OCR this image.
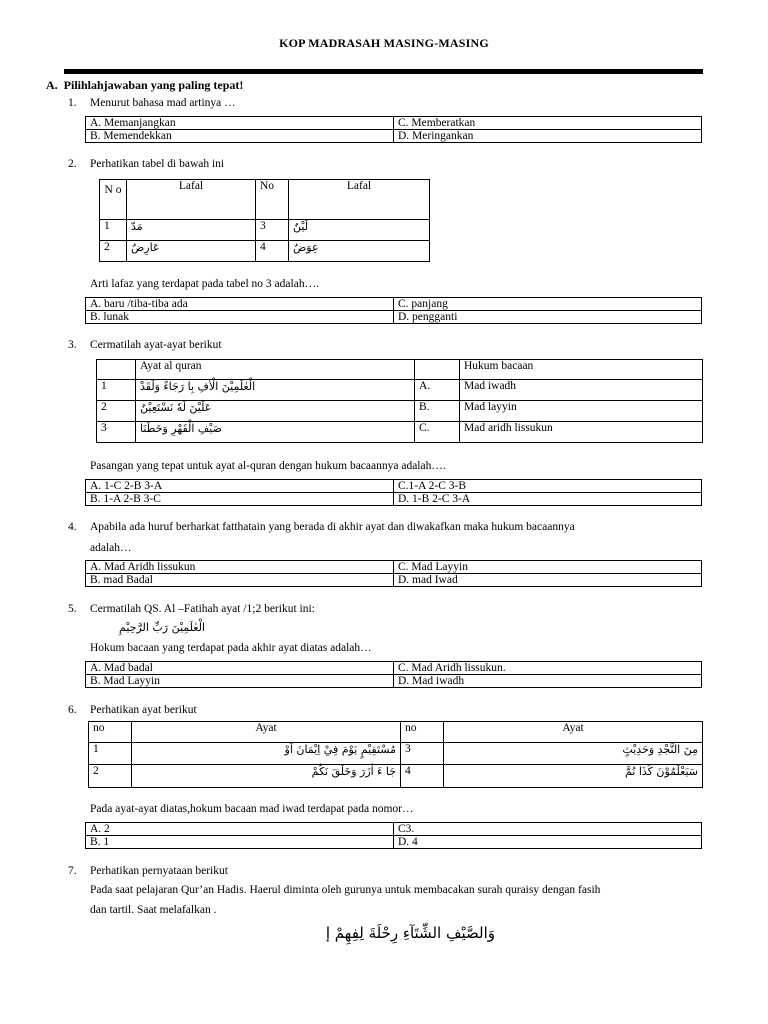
KOP MADRASAH MASING-MASING
A. Pilihlahjawaban yang paling tepat!
1. Menurut bahasa mad artinya …
A. Memanjangkan	C. Memberatkan
B. Memendekkan	D. Meringankan
2. Perhatikan tabel di bawah ini
N o	Lafal	No	Lafal
1	مَدّ	3	لَيْنٌ
2	عَارِضٌ	4	عِوَضٌ
Arti lafaz yang terdapat pada tabel no 3 adalah….
A. baru /tiba-tiba ada	C. panjang
B. lunak	D. pengganti
3. Cermatilah ayat-ayat berikut
	Ayat al quran		Hukum bacaan
1	الْعٰلَمِيْنَ الْاٰفِ بِا رَجَاءً وَلَقَدْ	A.	Mad iwadh
2	عَلَيْنَ لَهٗ نَسْتَعِيْنُ	B.	Mad layyin
3	صَيْفِ الْقَهْرِ وَخَطَنَا	C.	Mad aridh lissukun
Pasangan yang tepat untuk ayat al-quran dengan hukum bacaannya adalah….
A. 1-C 2-B 3-A	C.1-A 2-C 3-B
B. 1-A 2-B 3-C	D. 1-B 2-C 3-A
4. Apabila ada huruf berharkat fatthatain yang berada di akhir ayat dan diwakafkan maka hukum bacaannya
adalah…
A. Mad Aridh lissukun	C. Mad Layyin
B. mad Badal	D. mad Iwad
5. Cermatilah QS. Al –Fatihah ayat /1;2 berikut ini:
الْعٰلَمِيْنَ رَبِّ الرَّحِيْمِ
Hokum bacaan yang terdapat pada akhir ayat diatas adalah…
A. Mad badal	C. Mad Aridh lissukun.
B. Mad Layyin	D. Mad iwadh
6. Perhatikan ayat berikut
no	Ayat	no	Ayat
1	مُسْتَقِيْمٍ يَوْمَ فِيْ اِيْمَانَ اَوْ	3	مِنَ النَّجْدِ وَحَدِيْثٍ
2	جَا ءَ اٰزَرَ وَخَلَقَ نَكُمْ	4	سَيَعْلَمُوْنَ كَذَا نُمَّ
Pada ayat-ayat diatas,hokum bacaan mad iwad terdapat pada nomor…
A. 2	C3.
B. 1	D. 4
7. Perhatikan pernyataan berikut
Pada saat pelajaran Qur’an Hadis. Haerul diminta oleh gurunya untuk membacakan surah quraisy dengan fasih
dan tartil. Saat melafalkan .
وَالصَّيْفِ الشِّتَآءِ رِحْلَةَ لِفِهِمْ إ
